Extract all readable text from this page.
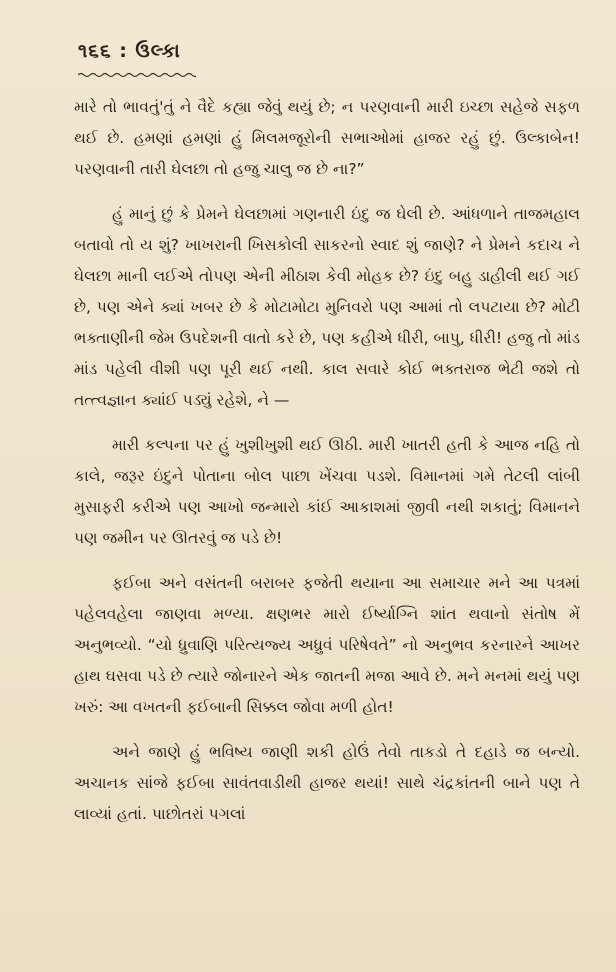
૧૬૬ : ઉલ્કા

મારે તો ભાવતું'તું ને વૈદે કહ્યા જેવું થયું છે; ન પરણવાની મારી ઇચ્છા સહેજે સફળ થઈ છે. હમણાં હમણાં હું મિલમજૂરોની સભાઓમાં હાજર રહું છું. ઉલ્કાબેન! પરણવાની તારી ઘેલછા તો હજુ ચાલુ જ છે ના?”

હું માનું છું કે પ્રેમને ઘેલછામાં ગણનારી ઇંદુ જ ઘેલી છે. આંધળાને તાજમહાલ બતાવો તો ય શું? ખાખરાની ખિસકોલી સાકરનો સ્વાદ શું જાણે? ને પ્રેમને કદાચ ને ઘેલછા માની લઈએ તોપણ એની મીઠાશ કેવી મોહક છે? ઇંદુ બહુ ડાહીલી થઈ ગઈ છે, પણ એને ક્યાં ખબર છે કે મોટામોટા મુનિવરો પણ આમાં તો લપટાયા છે? મોટી ભક્તાણીની જેમ ઉપદેશની વાતો કરે છે, પણ કહીએ ધીરી, બાપુ, ધીરી! હજુ તો માંડ માંડ પહેલી વીશી પણ પૂરી થઈ નથી. કાલ સવારે કોઈ ભક્તરાજ ભેટી જશે તો તત્ત્વજ્ઞાન ક્યાંઈ પડ્યું રહેશે, ને —

મારી કલ્પના પર હું ખુશીખુશી થઈ ઊઠી. મારી ખાતરી હતી કે આજ નહિ તો કાલે, જરૂર ઇંદુને પોતાના બોલ પાછા ખેંચવા પડશે. વિમાનમાં ગમે તેટલી લાંબી મુસાફરી કરીએ પણ આખો જન્મારો કાંઈ આકાશમાં જીવી નથી શકાતું; વિમાનને પણ જમીન પર ઊતરવું જ પડે છે!

ફઈબા અને વસંતની બરાબર ફજેતી થયાના આ સમાચાર મને આ પત્રમાં પહેલવહેલા જાણવા મળ્યા. ક્ષણભર મારો ઈર્ષ્યાગ્નિ શાંત થવાનો સંતોષ મેં અનુભવ્યો. “યો ધ્રુવાણિ પરિત્યજ્ય અધ્રુવં પરિષેવતે” નો અનુભવ કરનારને આખર હાથ ઘસવા પડે છે ત્યારે જોનારને એક જાતની મજા આવે છે. મને મનમાં થયું પણ ખરું: આ વખતની ફઈબાની સિક્કલ જોવા મળી હોત!

અને જાણે હું ભવિષ્ય જાણી શકી હોઉં તેવો તાકડો તે દહાડે જ બન્યો. અચાનક સાંજે ફઈબા સાવંતવાડીથી હાજર થયાં! સાથે ચંદ્રકાંતની બાને પણ તે લાવ્યાં હતાં. પાછોતરાં પગલાં
